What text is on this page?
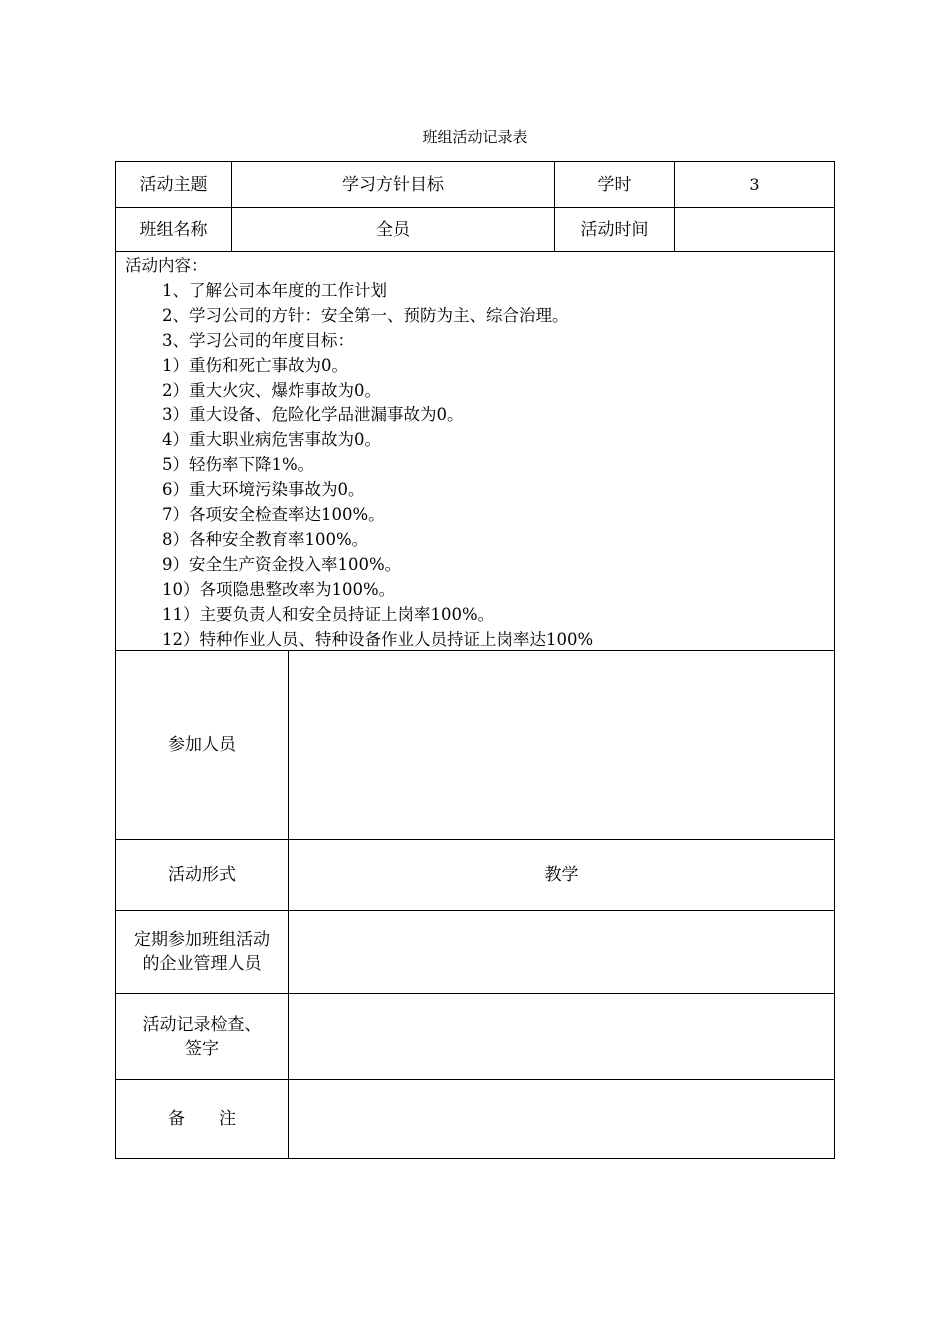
班组活动记录表
活动主题	学习方针目标	学时	3
班组名称	全员	活动时间
活动内容：
1、了解公司本年度的工作计划
2、学习公司的方针：安全第一、预防为主、综合治理。
3、学习公司的年度目标：
1）重伤和死亡事故为0。
2）重大火灾、爆炸事故为0。
3）重大设备、危险化学品泄漏事故为0。
4）重大职业病危害事故为0。
5）轻伤率下降1%。
6）重大环境污染事故为0。
7）各项安全检查率达100%。
8）各种安全教育率100%。
9）安全生产资金投入率100%。
10）各项隐患整改率为100%。
11）主要负责人和安全员持证上岗率100%。
12）特种作业人员、特种设备作业人员持证上岗率达100%
参加人员
活动形式	教学
定期参加班组活动
的企业管理人员
活动记录检查、
签字
备　　注
